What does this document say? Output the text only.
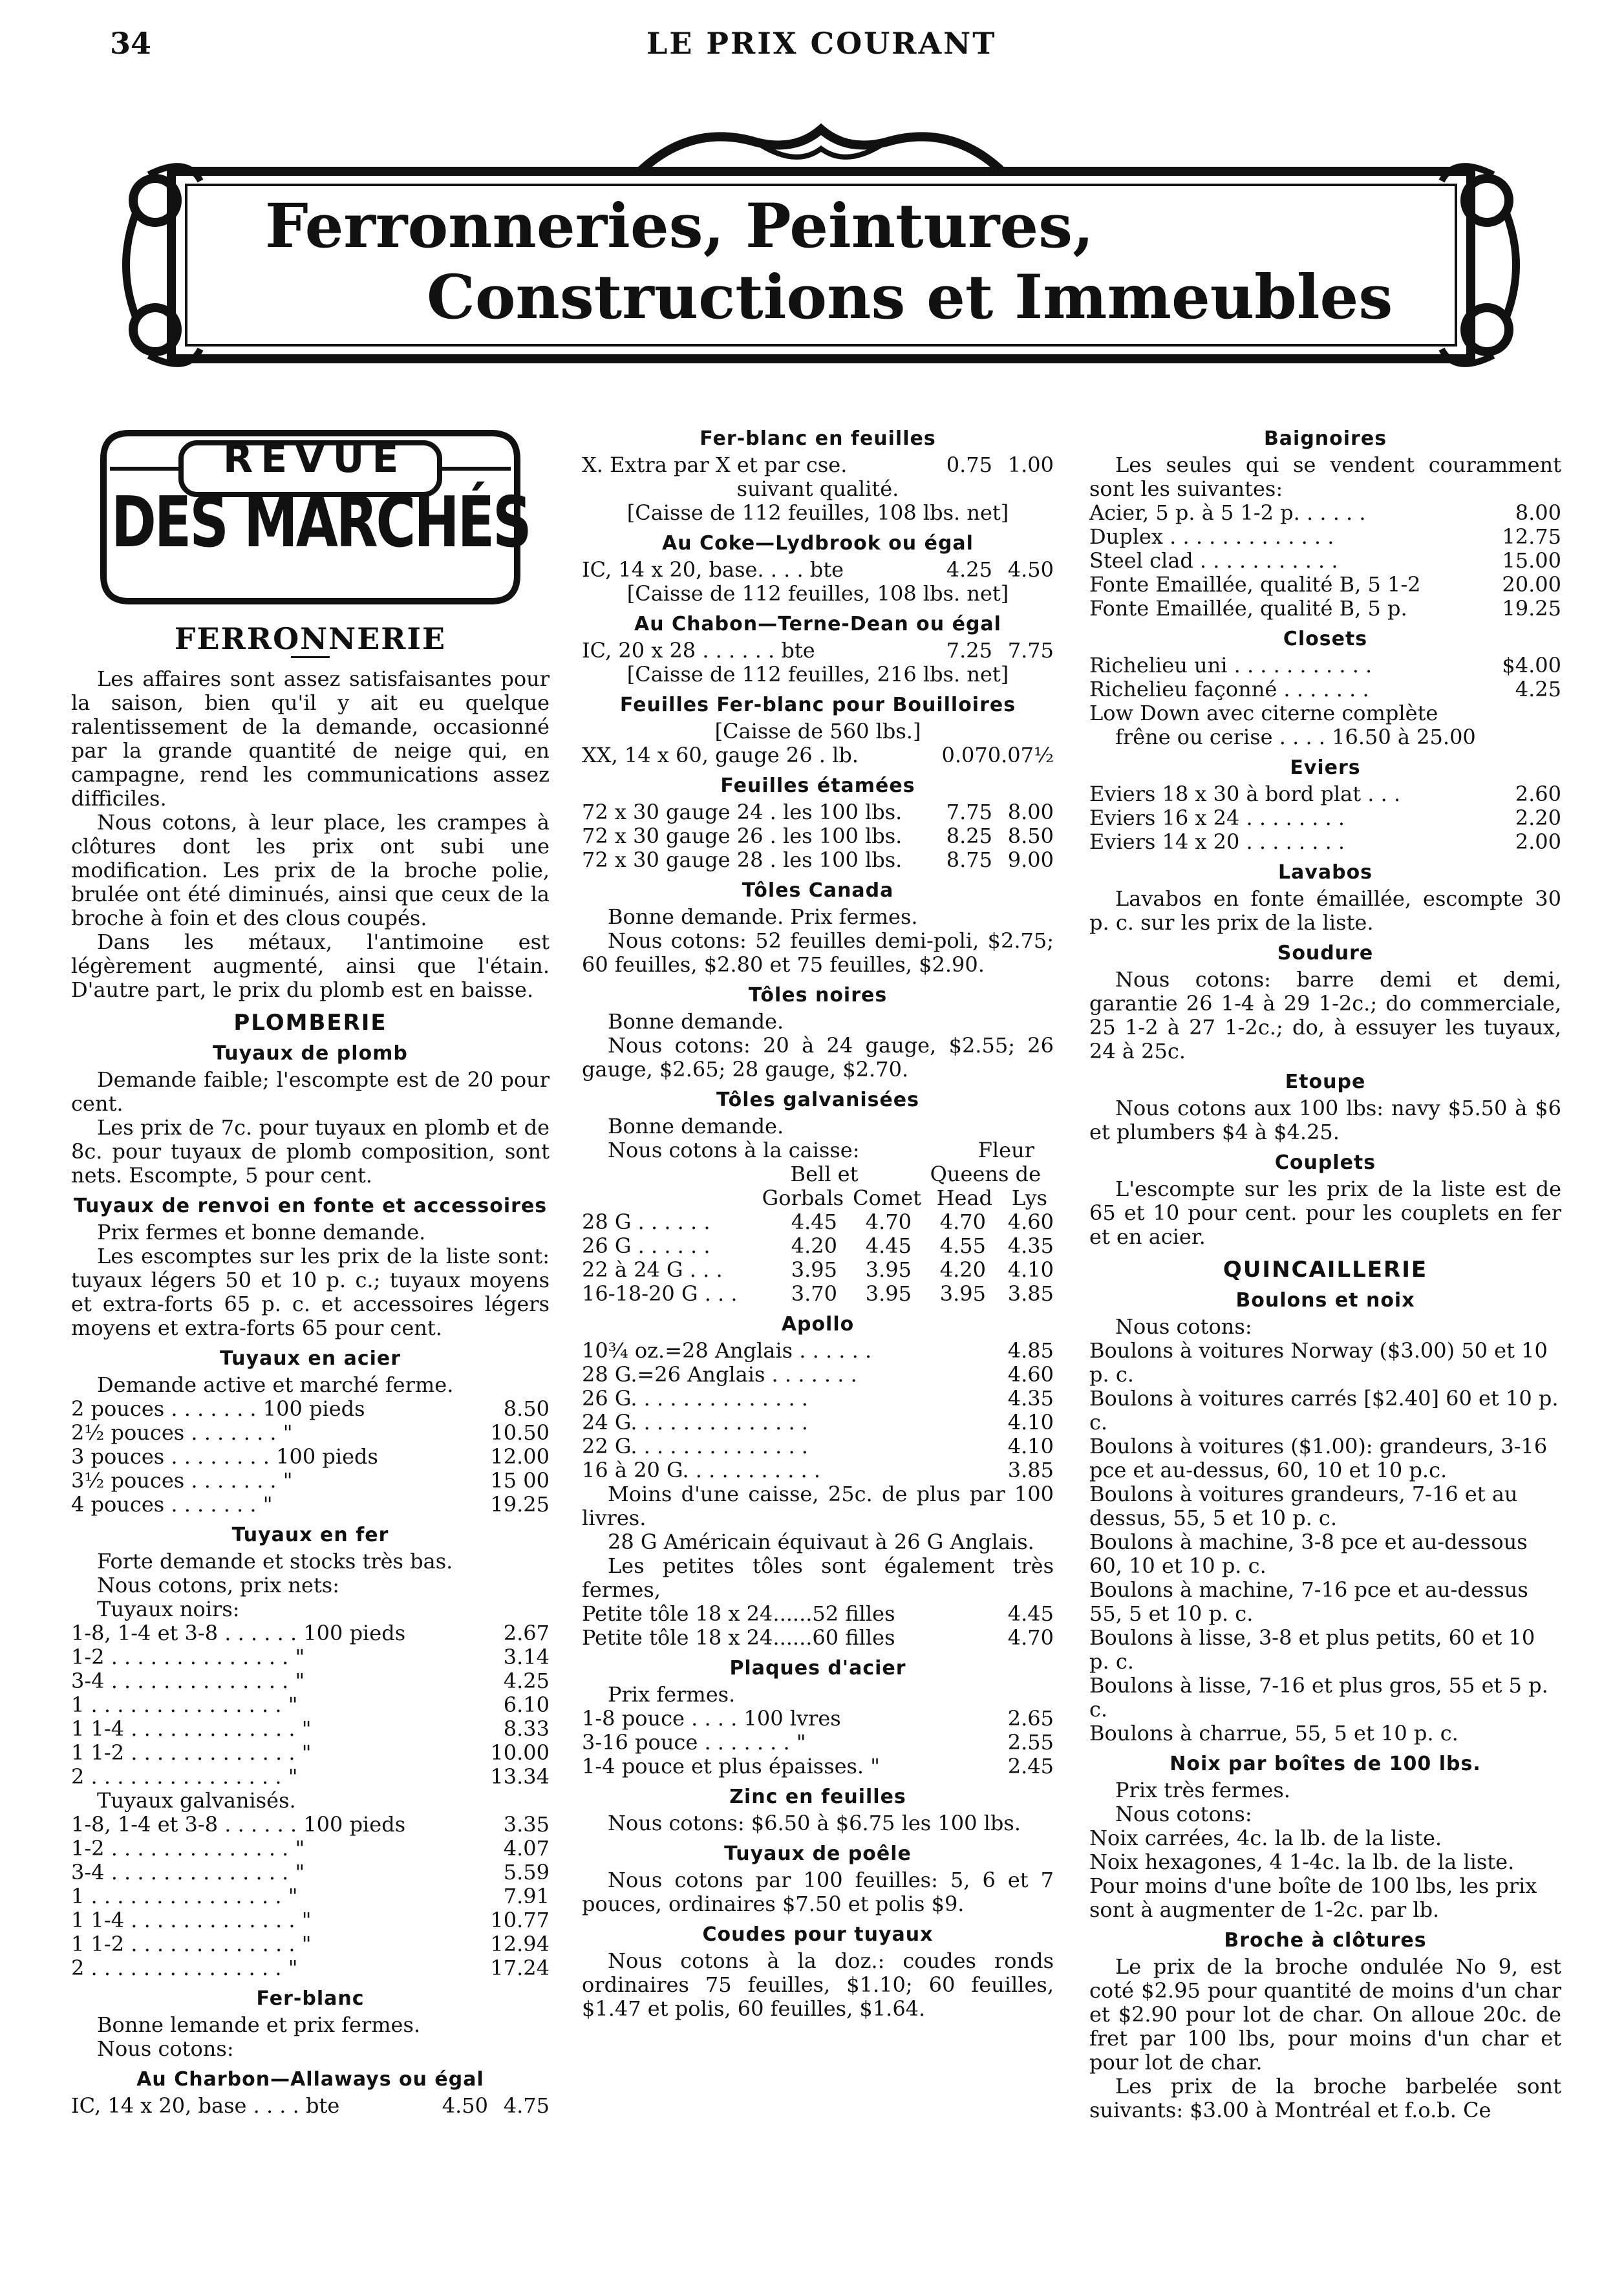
34	LE PRIX COURANT
Ferronneries, Peintures,
Constructions et Immeubles
REVUE
DES MARCHÉS
FERRONNERIE

Les affaires sont assez satisfaisantes pour la saison, bien qu'il y ait eu quelque ralentissement de la demande, occasionné par la grande quantité de neige qui, en campagne, rend les communications assez difficiles.

Nous cotons, à leur place, les crampes à clôtures dont les prix ont subi une modification. Les prix de la broche polie, brulée ont été diminués, ainsi que ceux de la broche à foin et des clous coupés.

Dans les métaux, l'antimoine est légèrement augmenté, ainsi que l'étain. D'autre part, le prix du plomb est en baisse.

PLOMBERIE
Tuyaux de plomb

Demande faible; l'escompte est de 20 pour cent.

Les prix de 7c. pour tuyaux en plomb et de 8c. pour tuyaux de plomb composition, sont nets. Escompte, 5 pour cent.

Tuyaux de renvoi en fonte et accessoires

Prix fermes et bonne demande.

Les escomptes sur les prix de la liste sont: tuyaux légers 50 et 10 p. c.; tuyaux moyens et extra-forts 65 p. c. et accessoires légers moyens et extra-forts 65 pour cent.

Tuyaux en acier

Demande active et marché ferme.

2 pouces . . . . . . . 100 pieds	8.50
2½ pouces . . . . . . . "	10.50
3 pouces . . . . . . . . 100 pieds	12.00
3½ pouces . . . . . . . "	15 00
4 pouces . . . . . . . "	19.25
Tuyaux en fer

Forte demande et stocks très bas.

Nous cotons, prix nets:

Tuyaux noirs:

1-8, 1-4 et 3-8 . . . . . . 100 pieds	2.67
1-2 . . . . . . . . . . . . . . "	3.14
3-4 . . . . . . . . . . . . . . "	4.25
1 . . . . . . . . . . . . . . . "	6.10
1 1-4 . . . . . . . . . . . . . "	8.33
1 1-2 . . . . . . . . . . . . . "	10.00
2 . . . . . . . . . . . . . . . "	13.34

Tuyaux galvanisés.

1-8, 1-4 et 3-8 . . . . . . 100 pieds	3.35
1-2 . . . . . . . . . . . . . . "	4.07
3-4 . . . . . . . . . . . . . . "	5.59
1 . . . . . . . . . . . . . . . "	7.91
1 1-4 . . . . . . . . . . . . . "	10.77
1 1-2 . . . . . . . . . . . . . "	12.94
2 . . . . . . . . . . . . . . . "	17.24
Fer-blanc

Bonne lemande et prix fermes.

Nous cotons:

Au Charbon—Allaways ou égal
IC, 14 x 20, base . . . . bte	4.50 4.75
Fer-blanc en feuilles
X. Extra par X et par cse.	0.75 1.00

suivant qualité.

[Caisse de 112 feuilles, 108 lbs. net]

Au Coke—Lydbrook ou égal
IC, 14 x 20, base. . . . bte	4.25 4.50

[Caisse de 112 feuilles, 108 lbs. net]

Au Chabon—Terne-Dean ou égal
IC, 20 x 28 . . . . . . bte	7.25 7.75

[Caisse de 112 feuilles, 216 lbs. net]

Feuilles Fer-blanc pour Bouilloires

[Caisse de 560 lbs.]

XX, 14 x 60, gauge 26 . lb.	0.07 0.07½
Feuilles étamées
72 x 30 gauge 24 . les 100 lbs.	7.75 8.00
72 x 30 gauge 26 . les 100 lbs.	8.25 8.50
72 x 30 gauge 28 . les 100 lbs.	8.75 9.00
Tôles Canada

Bonne demande. Prix fermes.

Nous cotons: 52 feuilles demi-poli, $2.75; 60 feuilles, $2.80 et 75 feuilles, $2.90.

Tôles noires

Bonne demande.

Nous cotons: 20 à 24 gauge, $2.55; 26 gauge, $2.65; 28 gauge, $2.70.

Tôles galvanisées

Bonne demande.

Nous cotons à la caisse:	Fleur
Bell et	Queens de
Gorbals Comet Head Lys
28 G . . . . . .	4.45	4.70	4.70	4.60
26 G . . . . . .	4.20	4.45	4.55	4.35
22 à 24 G . . .	3.95	3.95	4.20	4.10
16-18-20 G . . .	3.70	3.95	3.95	3.85
Apollo
10¾ oz.=28 Anglais . . . . . .	4.85
28 G.=26 Anglais . . . . . . .	4.60
26 G. . . . . . . . . . . . . .	4.35
24 G. . . . . . . . . . . . . .	4.10
22 G. . . . . . . . . . . . . .	4.10
16 à 20 G. . . . . . . . . . .	3.85

Moins d'une caisse, 25c. de plus par 100 livres.

28 G Américain équivaut à 26 G Anglais.

Les petites tôles sont également très fermes,

Petite tôle 18 x 24......52 filles	4.45
Petite tôle 18 x 24......60 filles	4.70
Plaques d'acier

Prix fermes.

1-8 pouce . . . . 100 lvres	2.65
3-16 pouce . . . . . . . "	2.55
1-4 pouce et plus épaisses. "	2.45
Zinc en feuilles

Nous cotons: $6.50 à $6.75 les 100 lbs.

Tuyaux de poêle

Nous cotons par 100 feuilles: 5, 6 et 7 pouces, ordinaires $7.50 et polis $9.

Coudes pour tuyaux

Nous cotons à la doz.: coudes ronds ordinaires 75 feuilles, $1.10; 60 feuilles, $1.47 et polis, 60 feuilles, $1.64.

Baignoires

Les seules qui se vendent couramment sont les suivantes:

Acier, 5 p. à 5 1-2 p. . . . . .	8.00
Duplex . . . . . . . . . . . . .	12.75
Steel clad . . . . . . . . . . .	15.00
Fonte Emaillée, qualité B, 5 1-2	20.00
Fonte Emaillée, qualité B, 5 p.	19.25
Closets
Richelieu uni . . . . . . . . . . .	$4.00
Richelieu façonné . . . . . . .	4.25

Low Down avec citerne complète

frêne ou cerise . . . . 16.50 à 25.00

Eviers
Eviers 18 x 30 à bord plat . . .	2.60
Eviers 16 x 24 . . . . . . . .	2.20
Eviers 14 x 20 . . . . . . . .	2.00
Lavabos

Lavabos en fonte émaillée, escompte 30 p. c. sur les prix de la liste.

Soudure

Nous cotons: barre demi et demi, garantie 26 1-4 à 29 1-2c.; do commerciale, 25 1-2 à 27 1-2c.; do, à essuyer les tuyaux, 24 à 25c.

Etoupe

Nous cotons aux 100 lbs: navy $5.50 à $6 et plumbers $4 à $4.25.

Couplets

L'escompte sur les prix de la liste est de 65 et 10 pour cent. pour les couplets en fer et en acier.

QUINCAILLERIE
Boulons et noix

Nous cotons:

Boulons à voitures Norway ($3.00) 50 et 10 p. c.

Boulons à voitures carrés [$2.40] 60 et 10 p. c.

Boulons à voitures ($1.00): grandeurs, 3-16 pce et au-dessus, 60, 10 et 10 p.c.

Boulons à voitures grandeurs, 7-16 et au dessus, 55, 5 et 10 p. c.

Boulons à machine, 3-8 pce et au-dessous 60, 10 et 10 p. c.

Boulons à machine, 7-16 pce et au-dessus 55, 5 et 10 p. c.

Boulons à lisse, 3-8 et plus petits, 60 et 10 p. c.

Boulons à lisse, 7-16 et plus gros, 55 et 5 p. c.

Boulons à charrue, 55, 5 et 10 p. c.

Noix par boîtes de 100 lbs.

Prix très fermes.

Nous cotons:

Noix carrées, 4c. la lb. de la liste.

Noix hexagones, 4 1-4c. la lb. de la liste.

Pour moins d'une boîte de 100 lbs, les prix sont à augmenter de 1-2c. par lb.

Broche à clôtures

Le prix de la broche ondulée No 9, est coté $2.95 pour quantité de moins d'un char et $2.90 pour lot de char. On alloue 20c. de fret par 100 lbs, pour moins d'un char et pour lot de char.

Les prix de la broche barbelée sont suivants: $3.00 à Montréal et f.o.b. Ce
